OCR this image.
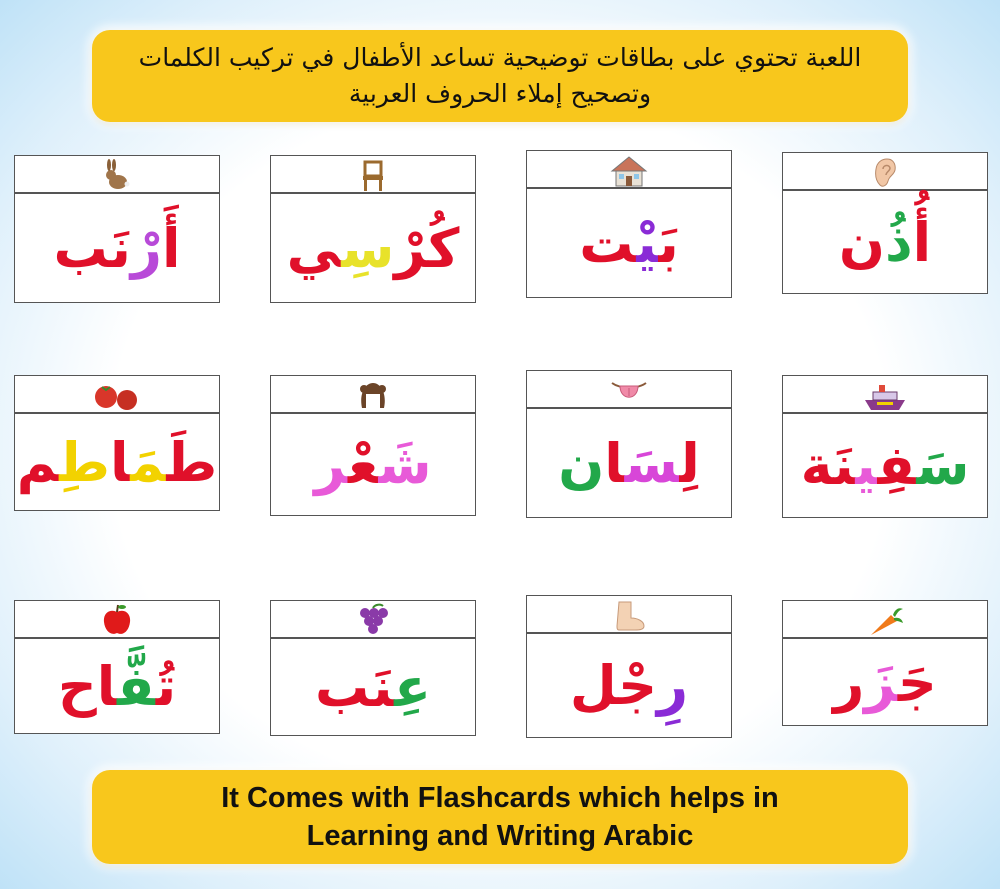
اللعبة تحتوي على بطاقات توضيحية تساعد الأطفال في تركيب الكلمات وتصحيح إملاء الحروف العربية
أَرْنَب	كُرْسِي	بَيْت	أُذُن
طَمَاطِم	شَعْر	لِسَان	سَفِينَة
تُفَّاح	عِنَب	رِجْل	جَزَر
It Comes with Flashcards which helps in
Learning and Writing Arabic
